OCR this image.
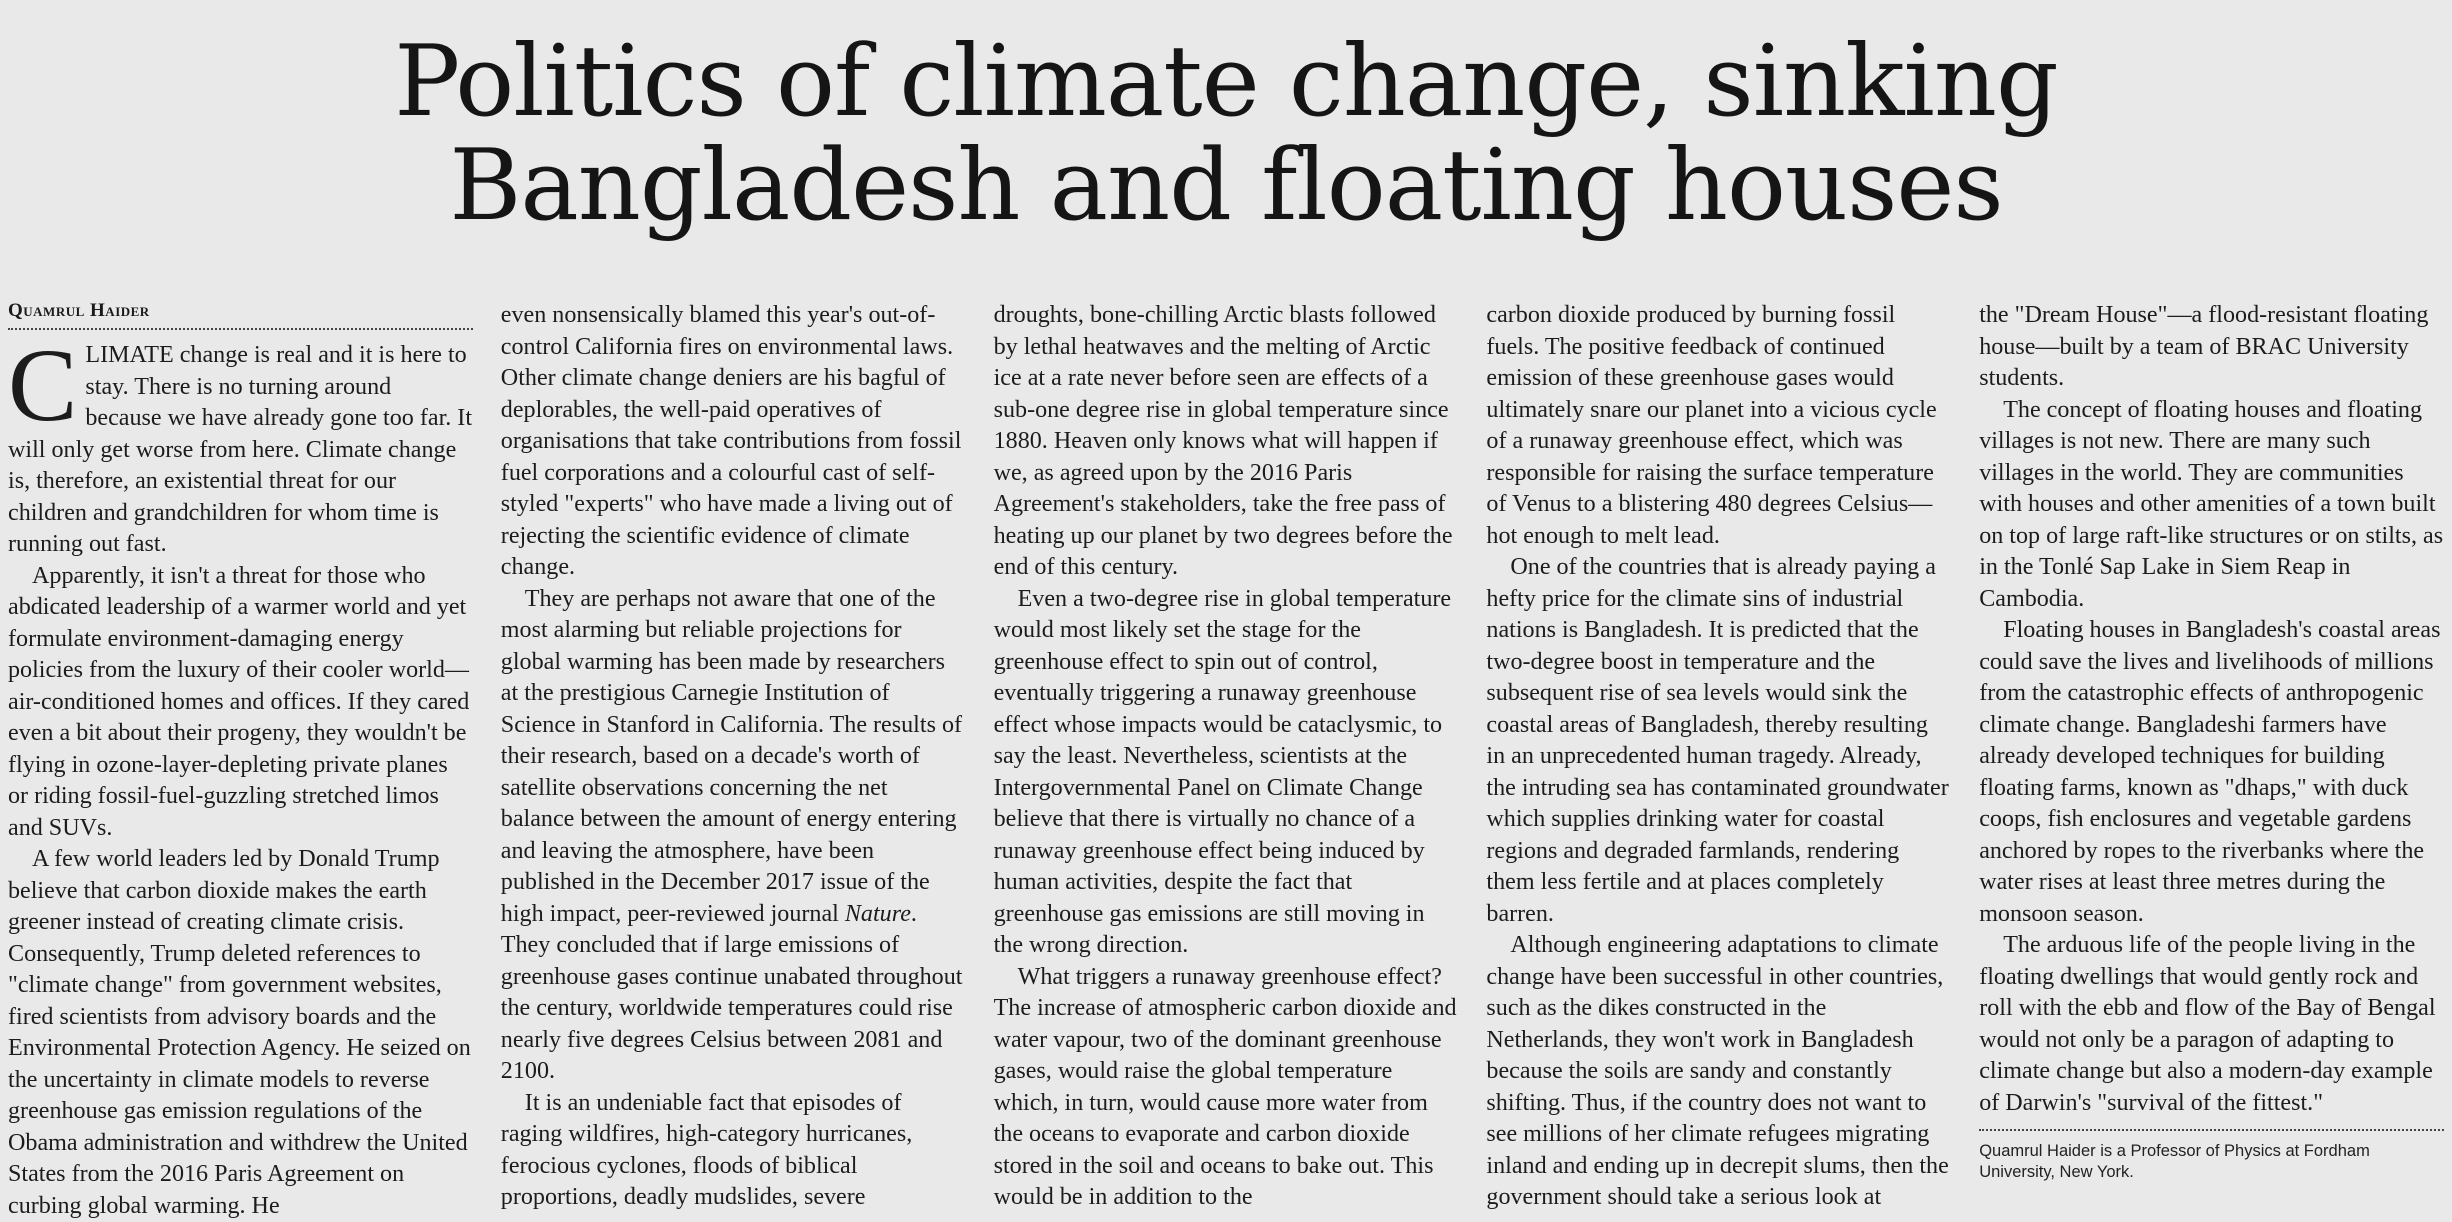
Politics of climate change, sinking
Bangladesh and floating houses
Quamrul Haider

CLIMATE change is real and it is here to stay. There is no turning around because we have already gone too far. It will only get worse from here. Climate change is, therefore, an existential threat for our children and grandchildren for whom time is running out fast.

Apparently, it isn't a threat for those who abdicated leadership of a warmer world and yet formulate environment-damaging energy policies from the luxury of their cooler world—air-conditioned homes and offices. If they cared even a bit about their progeny, they wouldn't be flying in ozone-layer-depleting private planes or riding fossil-fuel-guzzling stretched limos and SUVs.

A few world leaders led by Donald Trump believe that carbon dioxide makes the earth greener instead of creating climate crisis. Consequently, Trump deleted references to "climate change" from government websites, fired scientists from advisory boards and the Environmental Protection Agency. He seized on the uncertainty in climate models to reverse greenhouse gas emission regulations of the Obama administration and withdrew the United States from the 2016 Paris Agreement on curbing global warming. He

even nonsensically blamed this year's out-of-control California fires on environmental laws. Other climate change deniers are his bagful of deplorables, the well-paid operatives of organisations that take contributions from fossil fuel corporations and a colourful cast of self-styled "experts" who have made a living out of rejecting the scientific evidence of climate change.

They are perhaps not aware that one of the most alarming but reliable projections for global warming has been made by researchers at the prestigious Carnegie Institution of Science in Stanford in California. The results of their research, based on a decade's worth of satellite observations concerning the net balance between the amount of energy entering and leaving the atmosphere, have been published in the December 2017 issue of the high impact, peer-reviewed journal Nature. They concluded that if large emissions of greenhouse gases continue unabated throughout the century, worldwide temperatures could rise nearly five degrees Celsius between 2081 and 2100.

It is an undeniable fact that episodes of raging wildfires, high-category hurricanes, ferocious cyclones, floods of biblical proportions, deadly mudslides, severe

droughts, bone-chilling Arctic blasts followed by lethal heatwaves and the melting of Arctic ice at a rate never before seen are effects of a sub-one degree rise in global temperature since 1880. Heaven only knows what will happen if we, as agreed upon by the 2016 Paris Agreement's stakeholders, take the free pass of heating up our planet by two degrees before the end of this century.

Even a two-degree rise in global temperature would most likely set the stage for the greenhouse effect to spin out of control, eventually triggering a runaway greenhouse effect whose impacts would be cataclysmic, to say the least. Nevertheless, scientists at the Intergovernmental Panel on Climate Change believe that there is virtually no chance of a runaway greenhouse effect being induced by human activities, despite the fact that greenhouse gas emissions are still moving in the wrong direction.

What triggers a runaway greenhouse effect? The increase of atmospheric carbon dioxide and water vapour, two of the dominant greenhouse gases, would raise the global temperature which, in turn, would cause more water from the oceans to evaporate and carbon dioxide stored in the soil and oceans to bake out. This would be in addition to the

carbon dioxide produced by burning fossil fuels. The positive feedback of continued emission of these greenhouse gases would ultimately snare our planet into a vicious cycle of a runaway greenhouse effect, which was responsible for raising the surface temperature of Venus to a blistering 480 degrees Celsius—hot enough to melt lead.

One of the countries that is already paying a hefty price for the climate sins of industrial nations is Bangladesh. It is predicted that the two-degree boost in temperature and the subsequent rise of sea levels would sink the coastal areas of Bangladesh, thereby resulting in an unprecedented human tragedy. Already, the intruding sea has contaminated groundwater which supplies drinking water for coastal regions and degraded farmlands, rendering them less fertile and at places completely barren.

Although engineering adaptations to climate change have been successful in other countries, such as the dikes constructed in the Netherlands, they won't work in Bangladesh because the soils are sandy and constantly shifting. Thus, if the country does not want to see millions of her climate refugees migrating inland and ending up in decrepit slums, then the government should take a serious look at

the "Dream House"—a flood-resistant floating house—built by a team of BRAC University students.

The concept of floating houses and floating villages is not new. There are many such villages in the world. They are communities with houses and other amenities of a town built on top of large raft-like structures or on stilts, as in the Tonlé Sap Lake in Siem Reap in Cambodia.

Floating houses in Bangladesh's coastal areas could save the lives and livelihoods of millions from the catastrophic effects of anthropogenic climate change. Bangladeshi farmers have already developed techniques for building floating farms, known as "dhaps," with duck coops, fish enclosures and vegetable gardens anchored by ropes to the riverbanks where the water rises at least three metres during the monsoon season.

The arduous life of the people living in the floating dwellings that would gently rock and roll with the ebb and flow of the Bay of Bengal would not only be a paragon of adapting to climate change but also a modern-day example of Darwin's "survival of the fittest."

Quamrul Haider is a Professor of Physics at Fordham University, New York.
